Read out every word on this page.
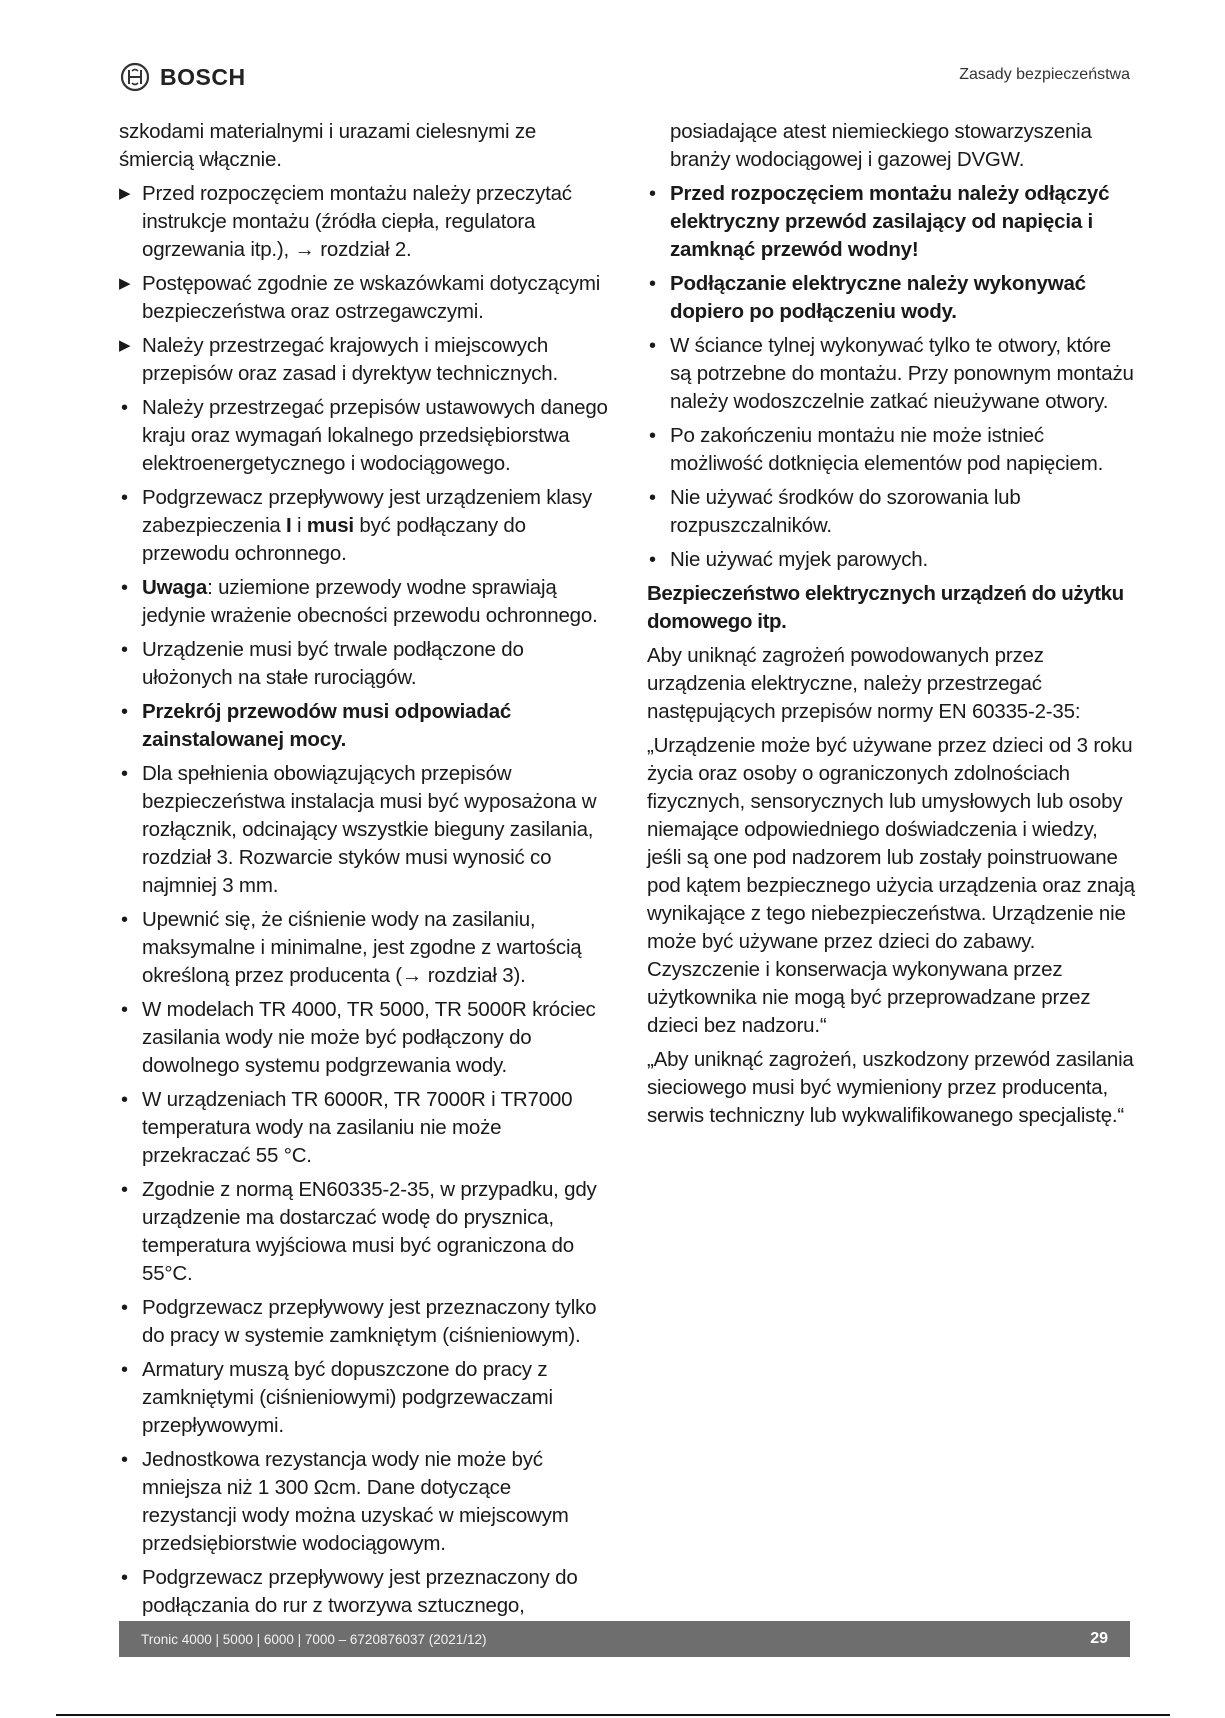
BOSCH	Zasady bezpieczeństwa

szkodami materialnymi i urazami cielesnymi ze śmiercią włącznie.

▶ Przed rozpoczęciem montażu należy przeczytać instrukcje montażu (źródła ciepła, regulatora ogrzewania itp.), → rozdział 2.
▶ Postępować zgodnie ze wskazówkami dotyczącymi bezpieczeństwa oraz ostrzegawczymi.
▶ Należy przestrzegać krajowych i miejscowych przepisów oraz zasad i dyrektyw technicznych.
• Należy przestrzegać przepisów ustawowych danego kraju oraz wymagań lokalnego przedsiębiorstwa elektroenergetycznego i wodociągowego.
• Podgrzewacz przepływowy jest urządzeniem klasy zabezpieczenia I i musi być podłączany do przewodu ochronnego.
• Uwaga: uziemione przewody wodne sprawiają jedynie wrażenie obecności przewodu ochronnego.
• Urządzenie musi być trwale podłączone do ułożonych na stałe rurociągów.
• Przekrój przewodów musi odpowiadać zainstalowanej mocy.
• Dla spełnienia obowiązujących przepisów bezpieczeństwa instalacja musi być wyposażona w rozłącznik, odcinający wszystkie bieguny zasilania, rozdział 3. Rozwarcie styków musi wynosić co najmniej 3 mm.
• Upewnić się, że ciśnienie wody na zasilaniu, maksymalne i minimalne, jest zgodne z wartością określoną przez producenta (→ rozdział 3).
• W modelach TR 4000, TR 5000, TR 5000R króciec zasilania wody nie może być podłączony do dowolnego systemu podgrzewania wody.
• W urządzeniach TR 6000R, TR 7000R i TR7000 temperatura wody na zasilaniu nie może przekraczać 55 °C.
• Zgodnie z normą EN60335-2-35, w przypadku, gdy urządzenie ma dostarczać wodę do prysznica, temperatura wyjściowa musi być ograniczona do 55°C.
• Podgrzewacz przepływowy jest przeznaczony tylko do pracy w systemie zamkniętym (ciśnieniowym).
• Armatury muszą być dopuszczone do pracy z zamkniętymi (ciśnieniowymi) podgrzewaczami przepływowymi.
• Jednostkowa rezystancja wody nie może być mniejsza niż 1 300 Ωcm. Dane dotyczące rezystancji wody można uzyskać w miejscowym przedsiębiorstwie wodociągowym.
• Podgrzewacz przepływowy jest przeznaczony do podłączania do rur z tworzywa sztucznego,

posiadające atest niemieckiego stowarzyszenia branży wodociągowej i gazowej DVGW.

• Przed rozpoczęciem montażu należy odłączyć elektryczny przewód zasilający od napięcia i zamknąć przewód wodny!
• Podłączanie elektryczne należy wykonywać dopiero po podłączeniu wody.
• W ściance tylnej wykonywać tylko te otwory, które są potrzebne do montażu. Przy ponownym montażu należy wodoszczelnie zatkać nieużywane otwory.
• Po zakończeniu montażu nie może istnieć możliwość dotknięcia elementów pod napięciem.
• Nie używać środków do szorowania lub rozpuszczalników.
• Nie używać myjek parowych.
Bezpieczeństwo elektrycznych urządzeń do użytku domowego itp.

Aby uniknąć zagrożeń powodowanych przez urządzenia elektryczne, należy przestrzegać następujących przepisów normy EN 60335-2-35:

„Urządzenie może być używane przez dzieci od 3 roku życia oraz osoby o ograniczonych zdolnościach fizycznych, sensorycznych lub umysłowych lub osoby niemające odpowiedniego doświadczenia i wiedzy, jeśli są one pod nadzorem lub zostały poinstruowane pod kątem bezpiecznego użycia urządzenia oraz znają wynikające z tego niebezpieczeństwa. Urządzenie nie może być używane przez dzieci do zabawy. Czyszczenie i konserwacja wykonywana przez użytkownika nie mogą być przeprowadzane przez dzieci bez nadzoru.“

„Aby uniknąć zagrożeń, uszkodzony przewód zasilania sieciowego musi być wymieniony przez producenta, serwis techniczny lub wykwalifikowanego specjalistę.“

Tronic 4000 | 5000 | 6000 | 7000 – 6720876037 (2021/12)	29
